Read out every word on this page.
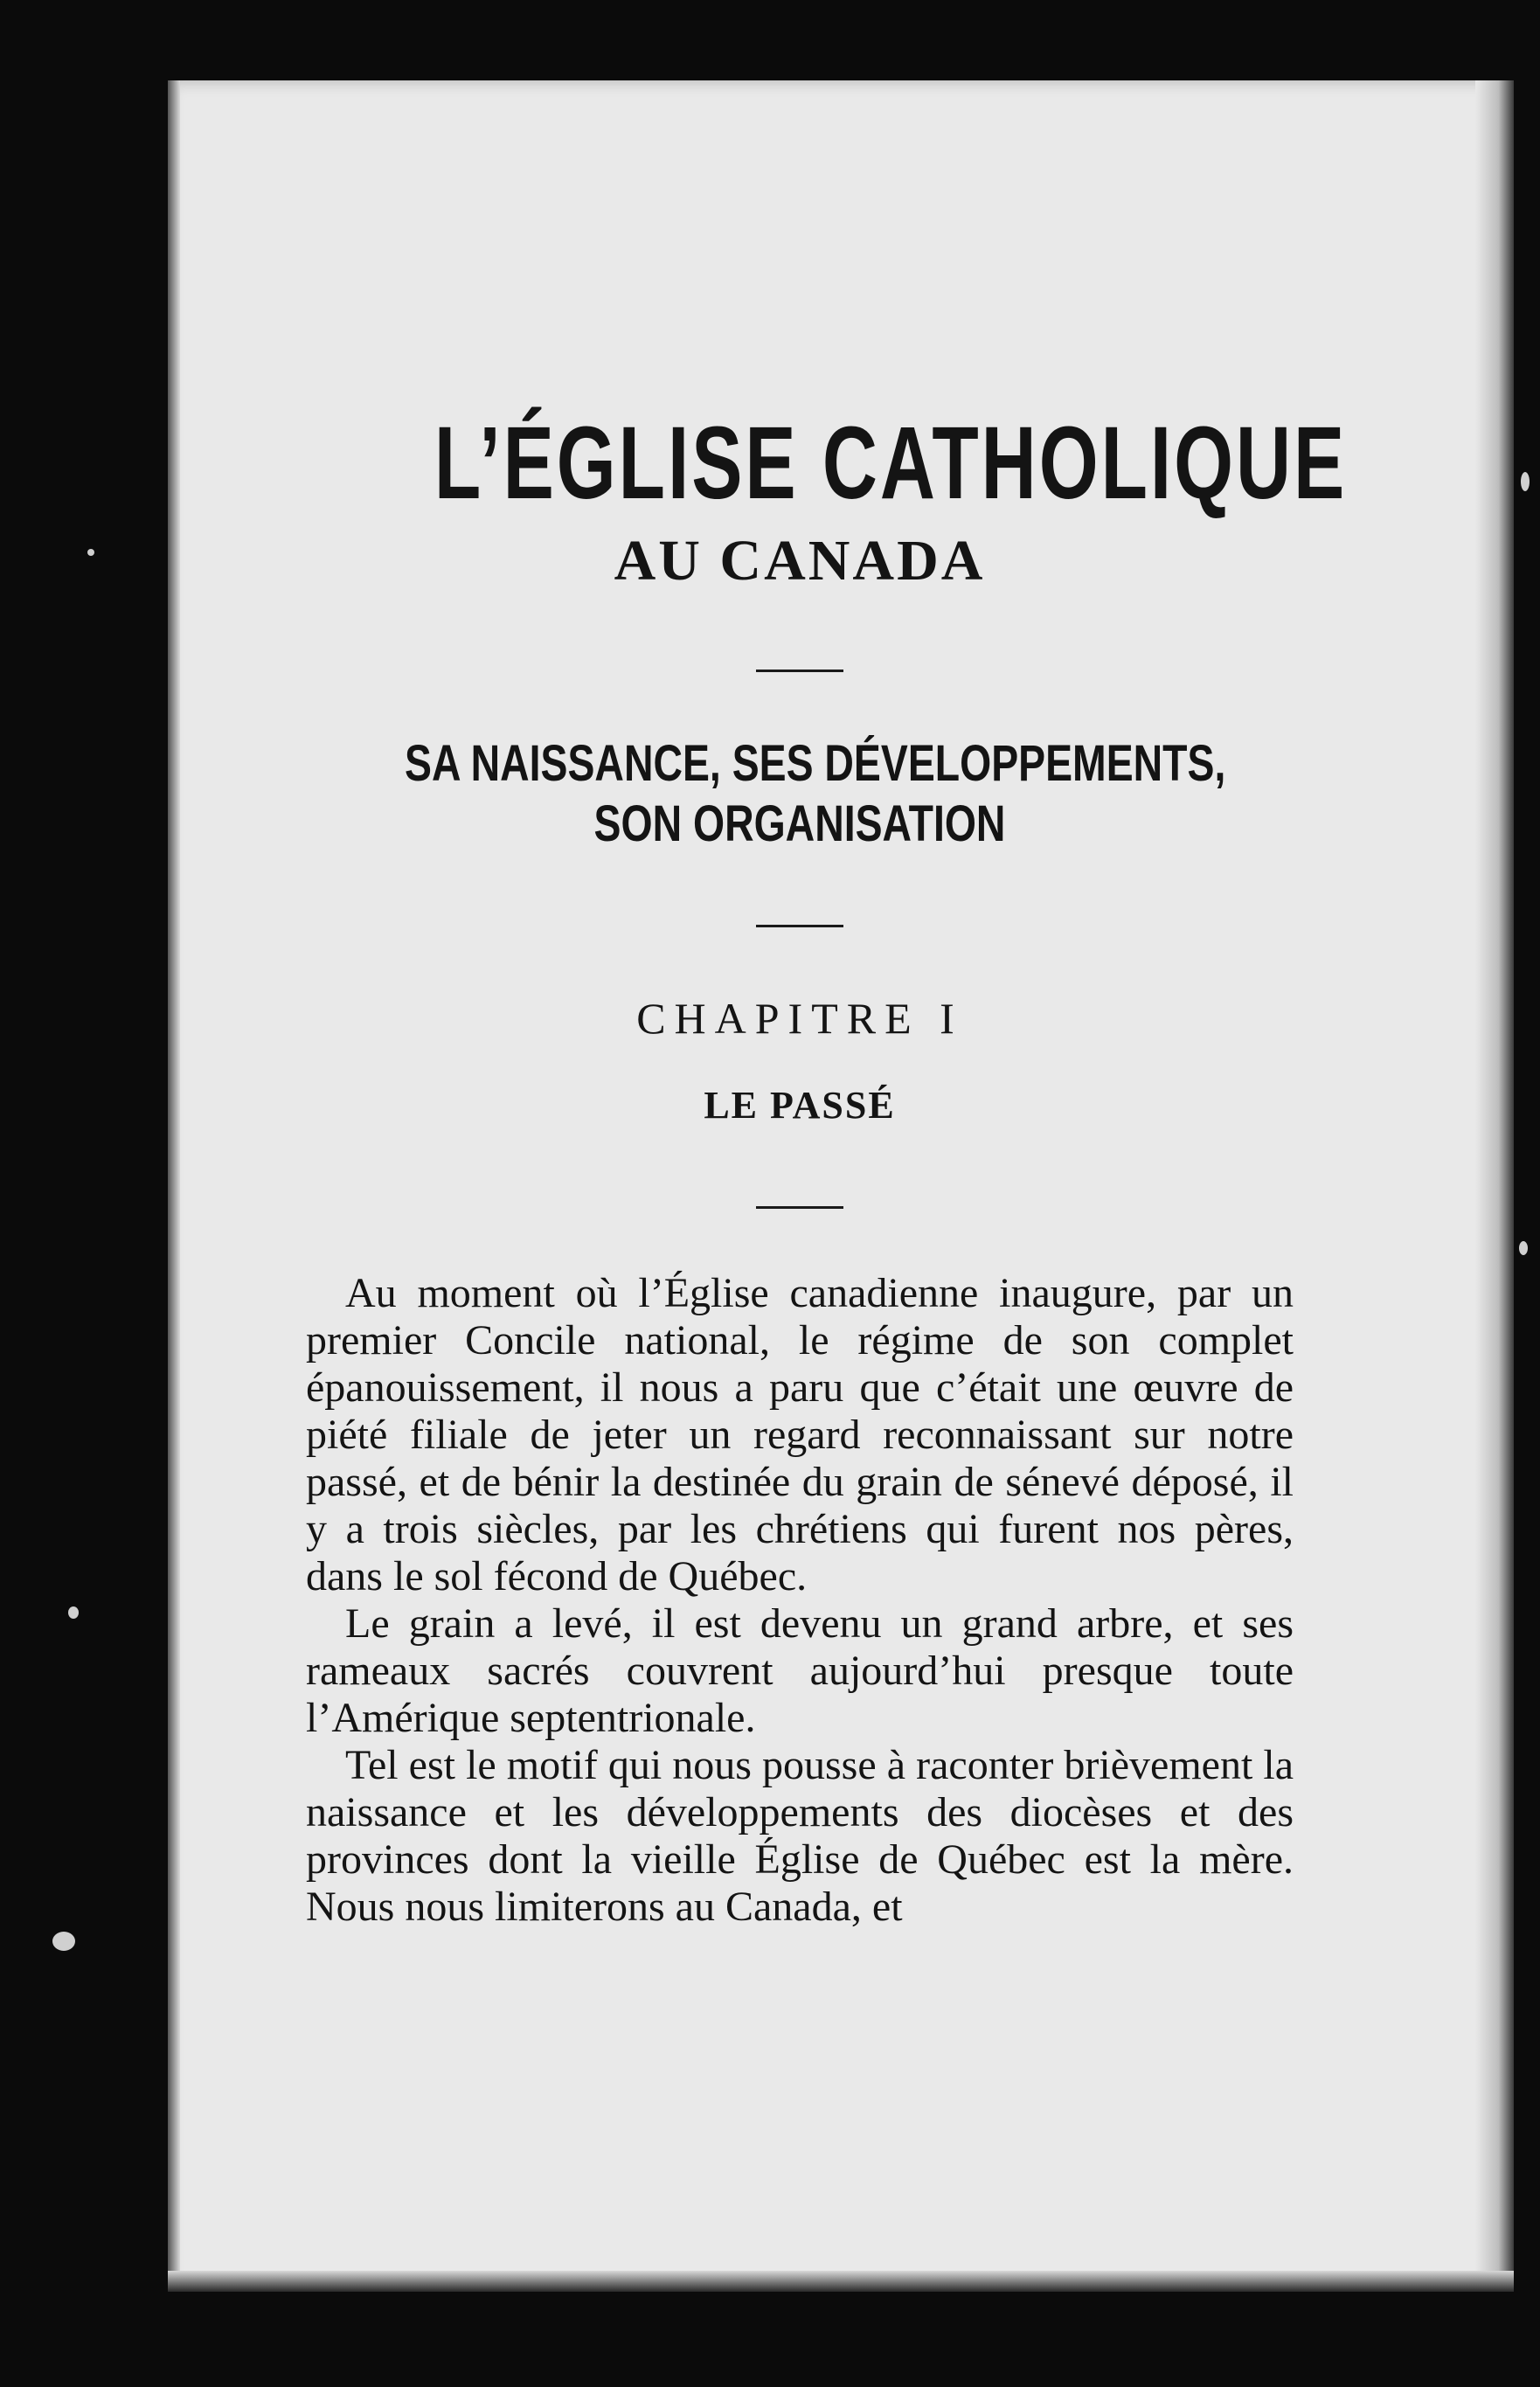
L’ÉGLISE CATHOLIQUE
AU CANADA
SA NAISSANCE, SES DÉVELOPPEMENTS,
SON ORGANISATION
CHAPITRE I
LE PASSÉ

Au moment où l’Église canadienne inaugure, par un premier Concile national, le régime de son complet épanouissement, il nous a paru que c’était une œuvre de piété filiale de jeter un regard reconnaissant sur notre passé, et de bénir la destinée du grain de sénevé déposé, il y a trois siècles, par les chrétiens qui furent nos pères, dans le sol fécond de Québec.

Le grain a levé, il est devenu un grand arbre, et ses rameaux sacrés couvrent aujourd’hui presque toute l’Amérique septentrionale.

Tel est le motif qui nous pousse à raconter brièvement la naissance et les développements des diocèses et des provinces dont la vieille Église de Québec est la mère. Nous nous limiterons au Canada, et
